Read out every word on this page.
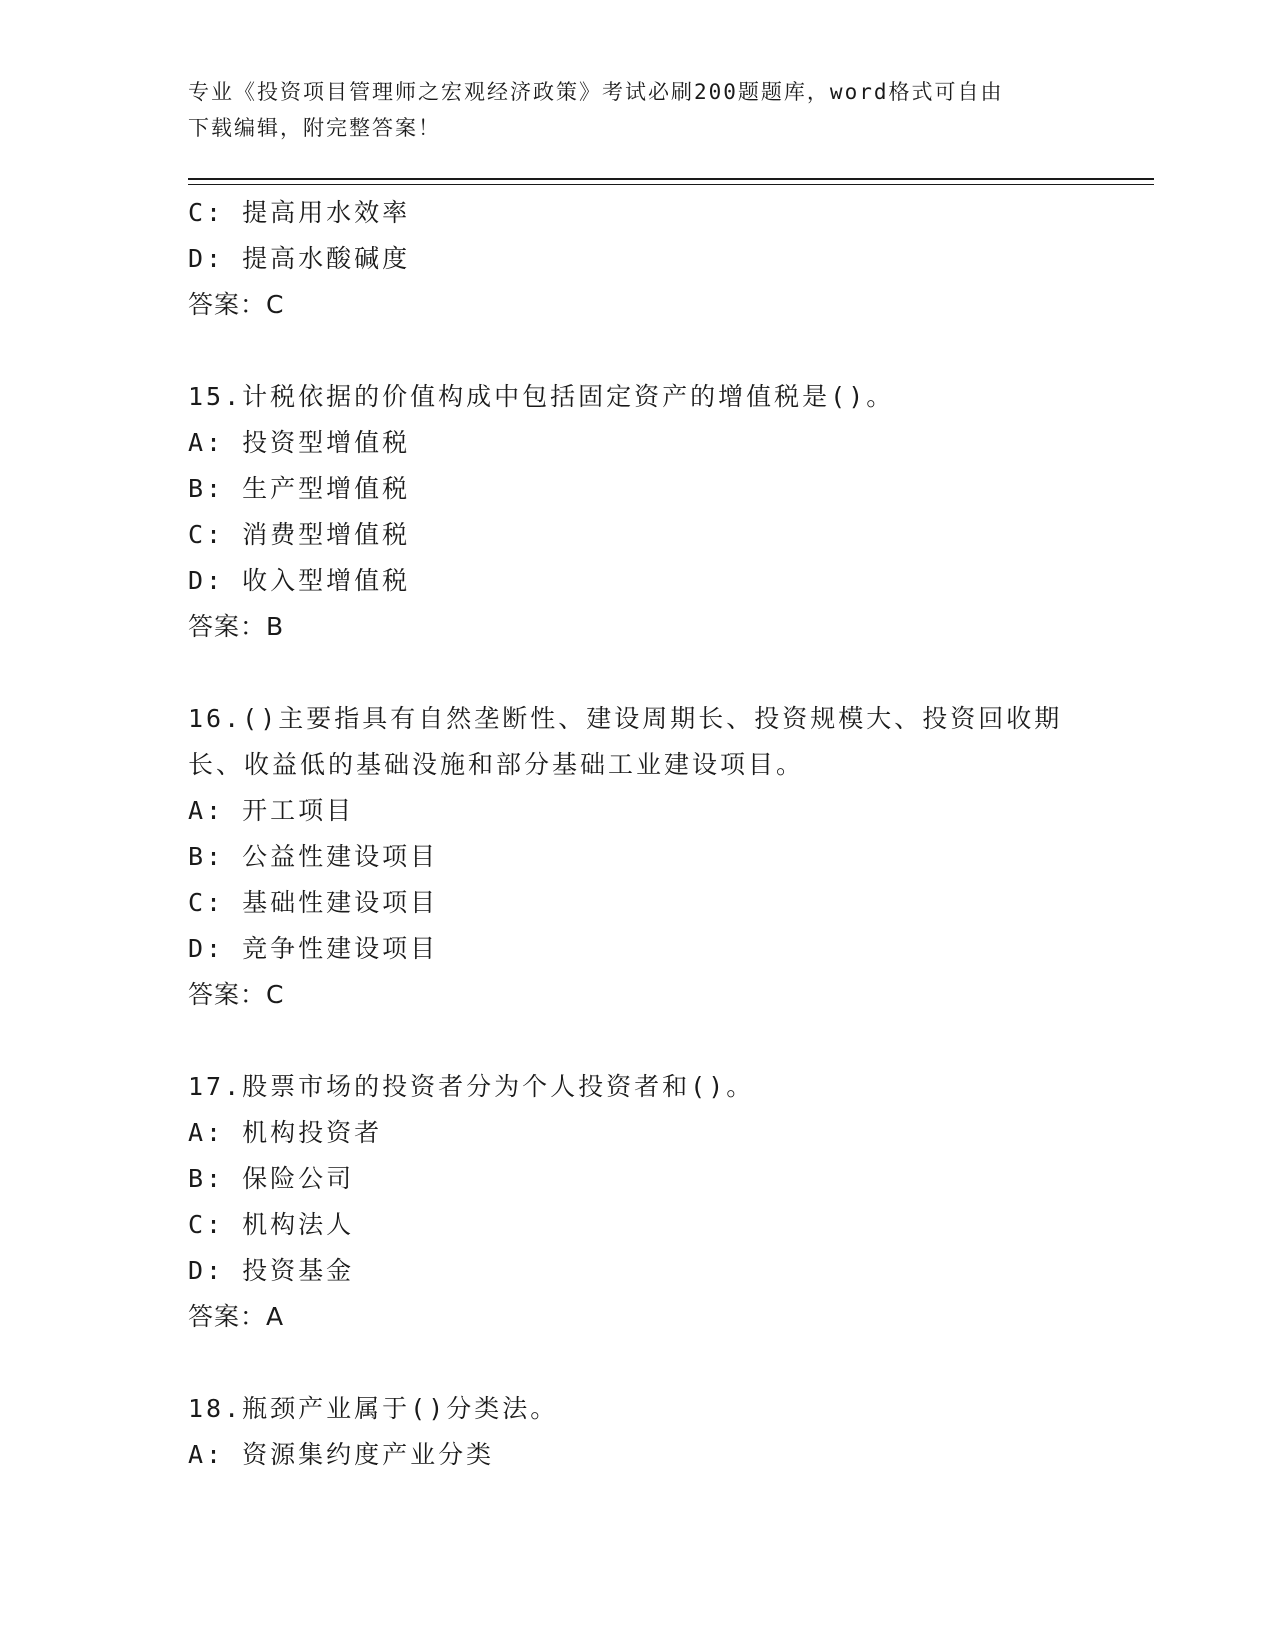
专业《投资项目管理师之宏观经济政策》考试必刷200题题库，word格式可自由
下载编辑，附完整答案！
C: 提高用水效率
D: 提高水酸碱度
答案：C
15.计税依据的价值构成中包括固定资产的增值税是()。
A: 投资型增值税
B: 生产型增值税
C: 消费型增值税
D: 收入型增值税
答案：B
16.()主要指具有自然垄断性、建设周期长、投资规模大、投资回收期
长、收益低的基础没施和部分基础工业建设项目。
A: 开工项目
B: 公益性建设项目
C: 基础性建设项目
D: 竞争性建设项目
答案：C
17.股票市场的投资者分为个人投资者和()。
A: 机构投资者
B: 保险公司
C: 机构法人
D: 投资基金
答案：A
18.瓶颈产业属于()分类法。
A: 资源集约度产业分类
